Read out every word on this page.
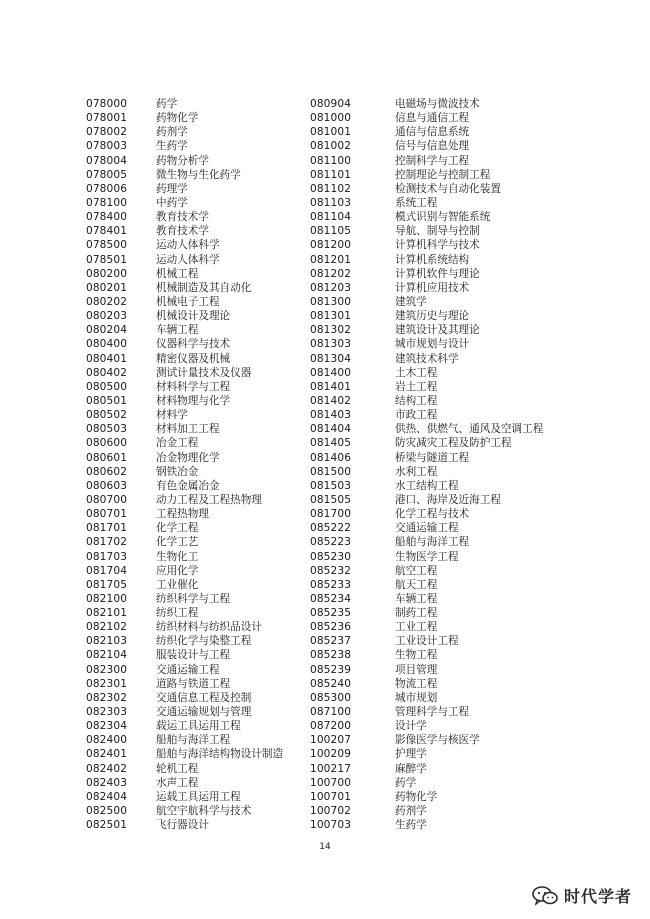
078000	药学
078001	药物化学
078002	药剂学
078003	生药学
078004	药物分析学
078005	微生物与生化药学
078006	药理学
078100	中药学
078400	教育技术学
078401	教育技术学
078500	运动人体科学
078501	运动人体科学
080200	机械工程
080201	机械制造及其自动化
080202	机械电子工程
080203	机械设计及理论
080204	车辆工程
080400	仪器科学与技术
080401	精密仪器及机械
080402	测试计量技术及仪器
080500	材料科学与工程
080501	材料物理与化学
080502	材料学
080503	材料加工工程
080600	冶金工程
080601	冶金物理化学
080602	钢铁冶金
080603	有色金属冶金
080700	动力工程及工程热物理
080701	工程热物理
081701	化学工程
081702	化学工艺
081703	生物化工
081704	应用化学
081705	工业催化
082100	纺织科学与工程
082101	纺织工程
082102	纺织材料与纺织品设计
082103	纺织化学与染整工程
082104	服装设计与工程
082300	交通运输工程
082301	道路与铁道工程
082302	交通信息工程及控制
082303	交通运输规划与管理
082304	载运工具运用工程
082400	船舶与海洋工程
082401	船舶与海洋结构物设计制造
082402	轮机工程
082403	水声工程
082404	运载工具运用工程
082500	航空宇航科学与技术
082501	飞行器设计
080904	电磁场与微波技术
081000	信息与通信工程
081001	通信与信息系统
081002	信号与信息处理
081100	控制科学与工程
081101	控制理论与控制工程
081102	检测技术与自动化装置
081103	系统工程
081104	模式识别与智能系统
081105	导航、制导与控制
081200	计算机科学与技术
081201	计算机系统结构
081202	计算机软件与理论
081203	计算机应用技术
081300	建筑学
081301	建筑历史与理论
081302	建筑设计及其理论
081303	城市规划与设计
081304	建筑技术科学
081400	土木工程
081401	岩土工程
081402	结构工程
081403	市政工程
081404	供热、供燃气、通风及空调工程
081405	防灾减灾工程及防护工程
081406	桥梁与隧道工程
081500	水利工程
081503	水工结构工程
081505	港口、海岸及近海工程
081700	化学工程与技术
085222	交通运输工程
085223	船舶与海洋工程
085230	生物医学工程
085232	航空工程
085233	航天工程
085234	车辆工程
085235	制药工程
085236	工业工程
085237	工业设计工程
085238	生物工程
085239	项目管理
085240	物流工程
085300	城市规划
087100	管理科学与工程
087200	设计学
100207	影像医学与核医学
100209	护理学
100217	麻醉学
100700	药学
100701	药物化学
100702	药剂学
100703	生药学
14
时代学者
